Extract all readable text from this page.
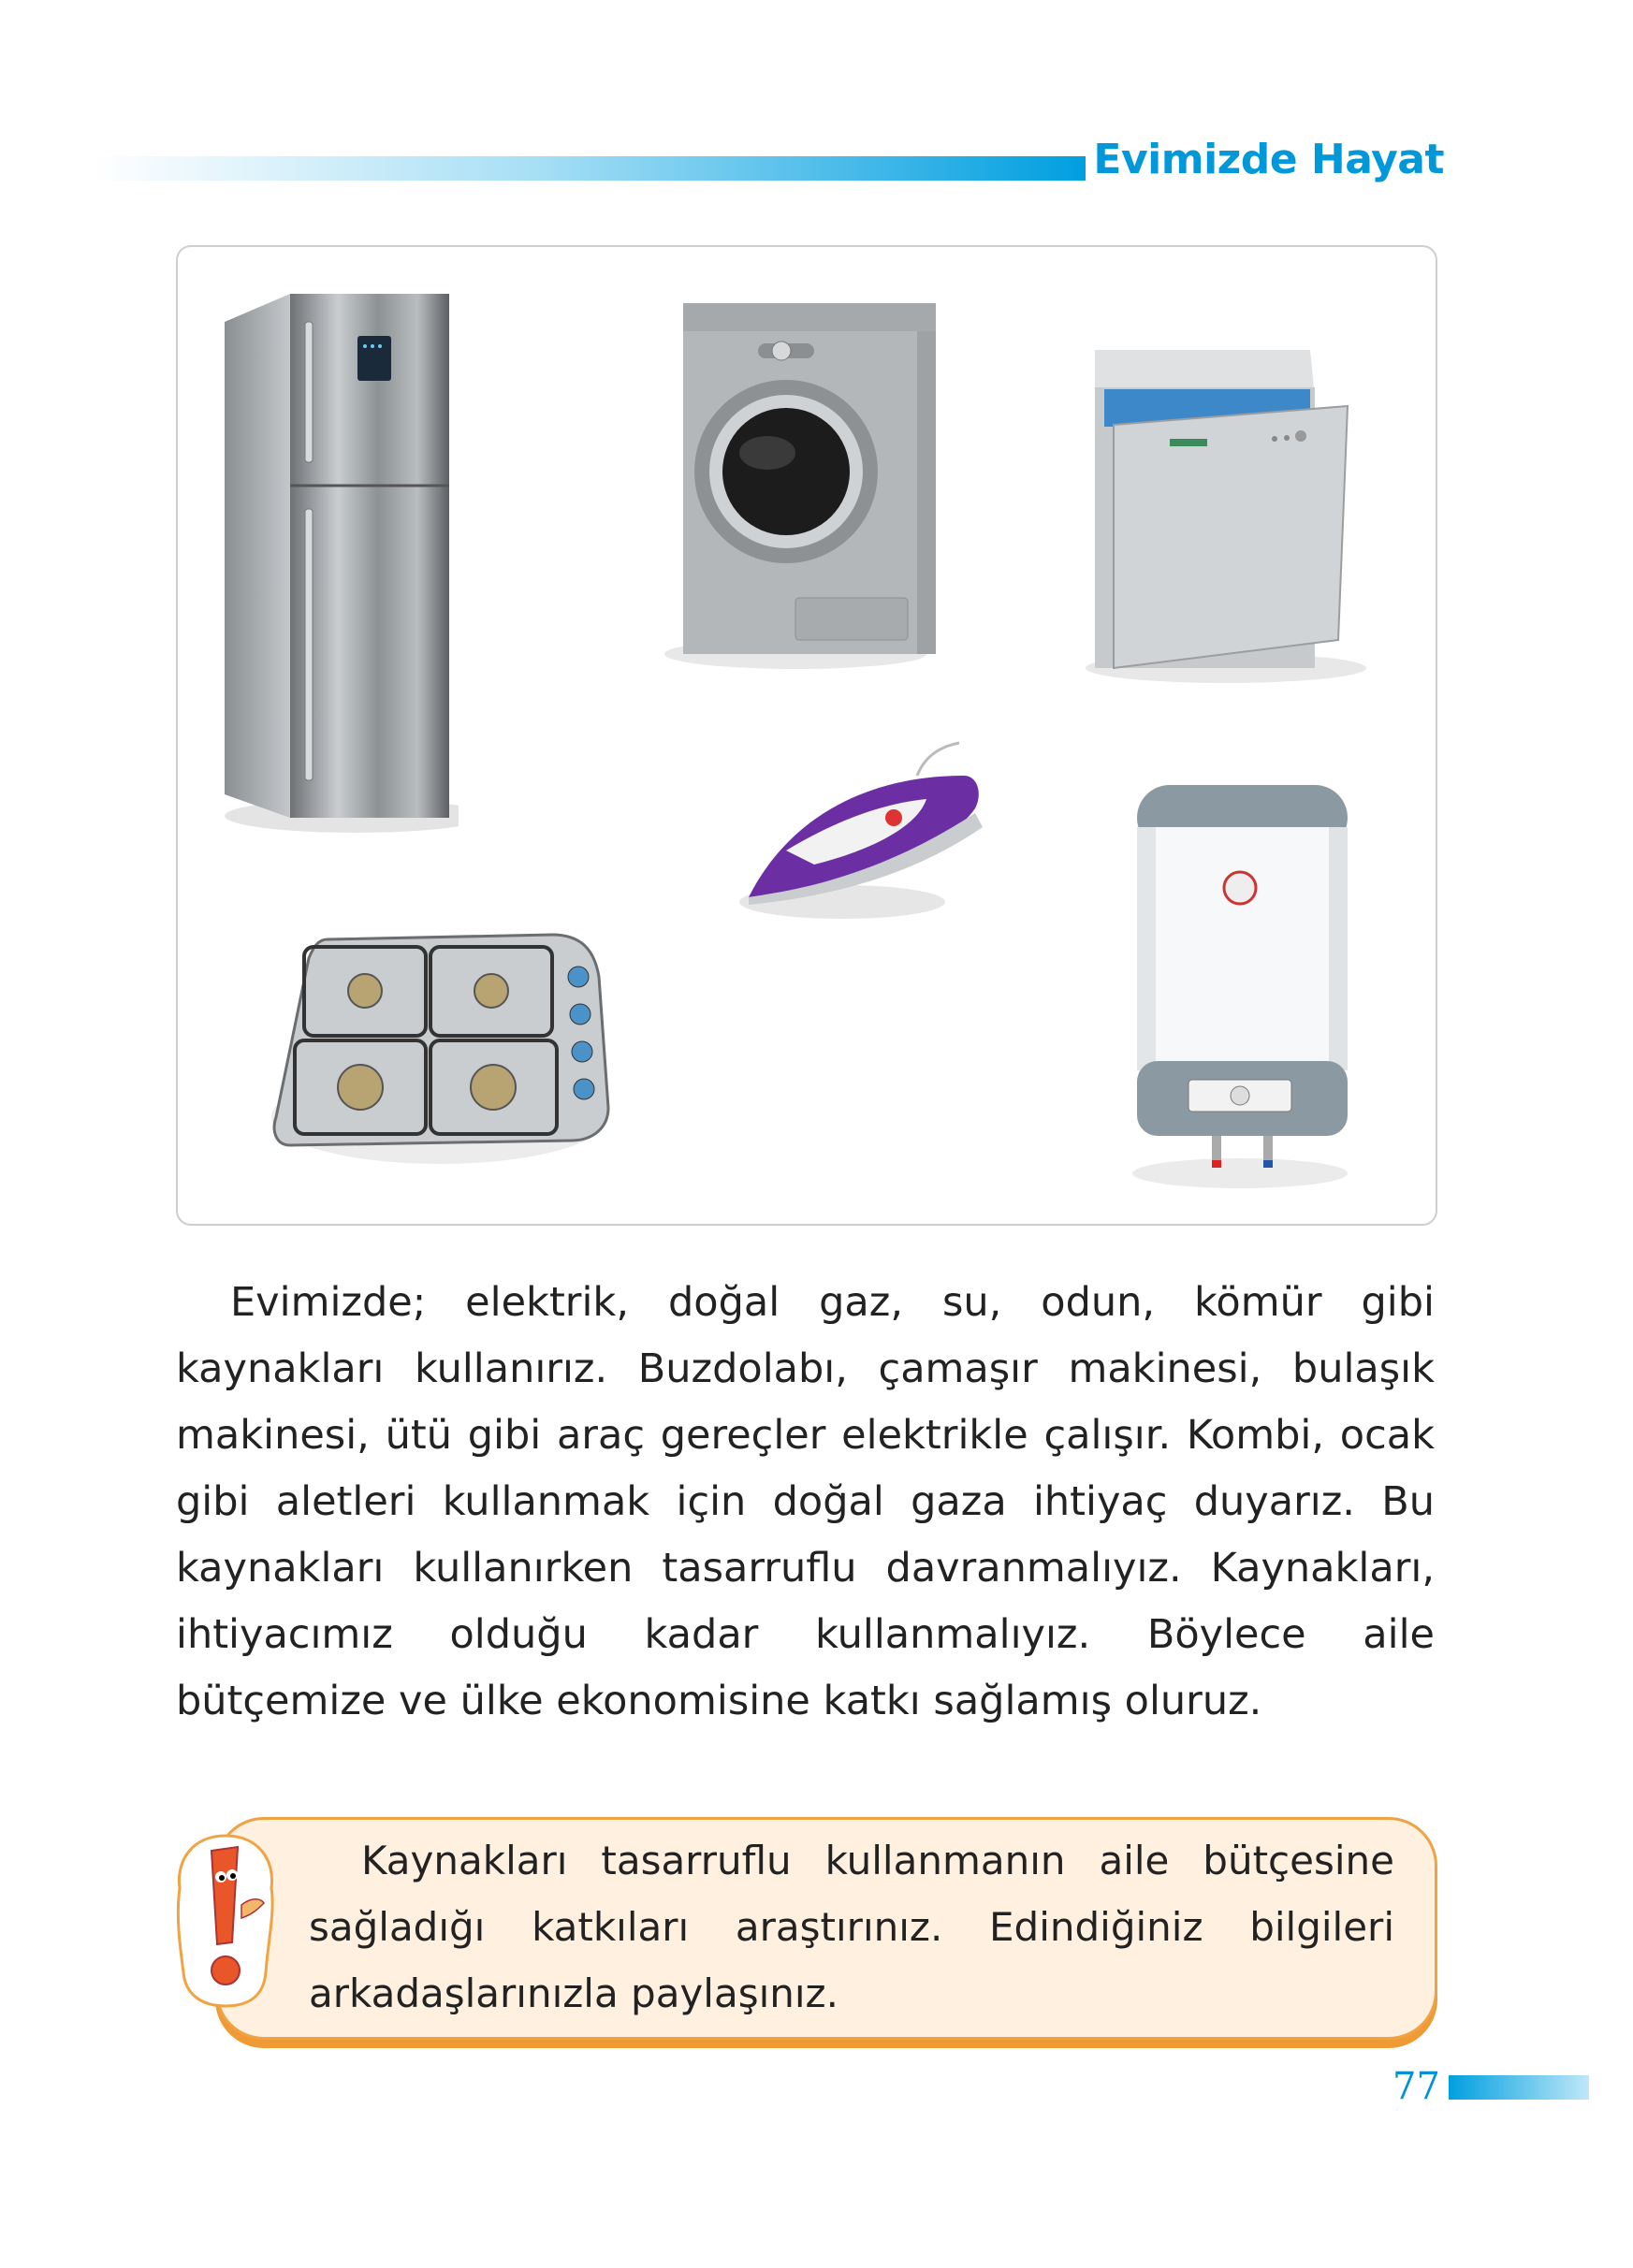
Evimizde Hayat

Evimizde; elektrik, doğal gaz, su, odun, kömür gibi kaynakları kullanırız. Buzdolabı, çamaşır makinesi, bulaşık makinesi, ütü gibi araç gereçler elektrikle çalışır. Kombi, ocak gibi aletleri kullanmak için doğal gaza ihtiyaç duyarız. Bu kaynakları kullanırken tasarruflu davranmalıyız. Kaynakları, ihtiyacımız olduğu kadar kullanmalıyız. Böylece aile bütçemize ve ülke ekonomisine katkı sağlamış oluruz.

Kaynakları tasarruflu kullanmanın aile bütçesine sağladığı katkıları araştırınız. Edindiğiniz bilgileri arkadaşlarınızla paylaşınız.

77
